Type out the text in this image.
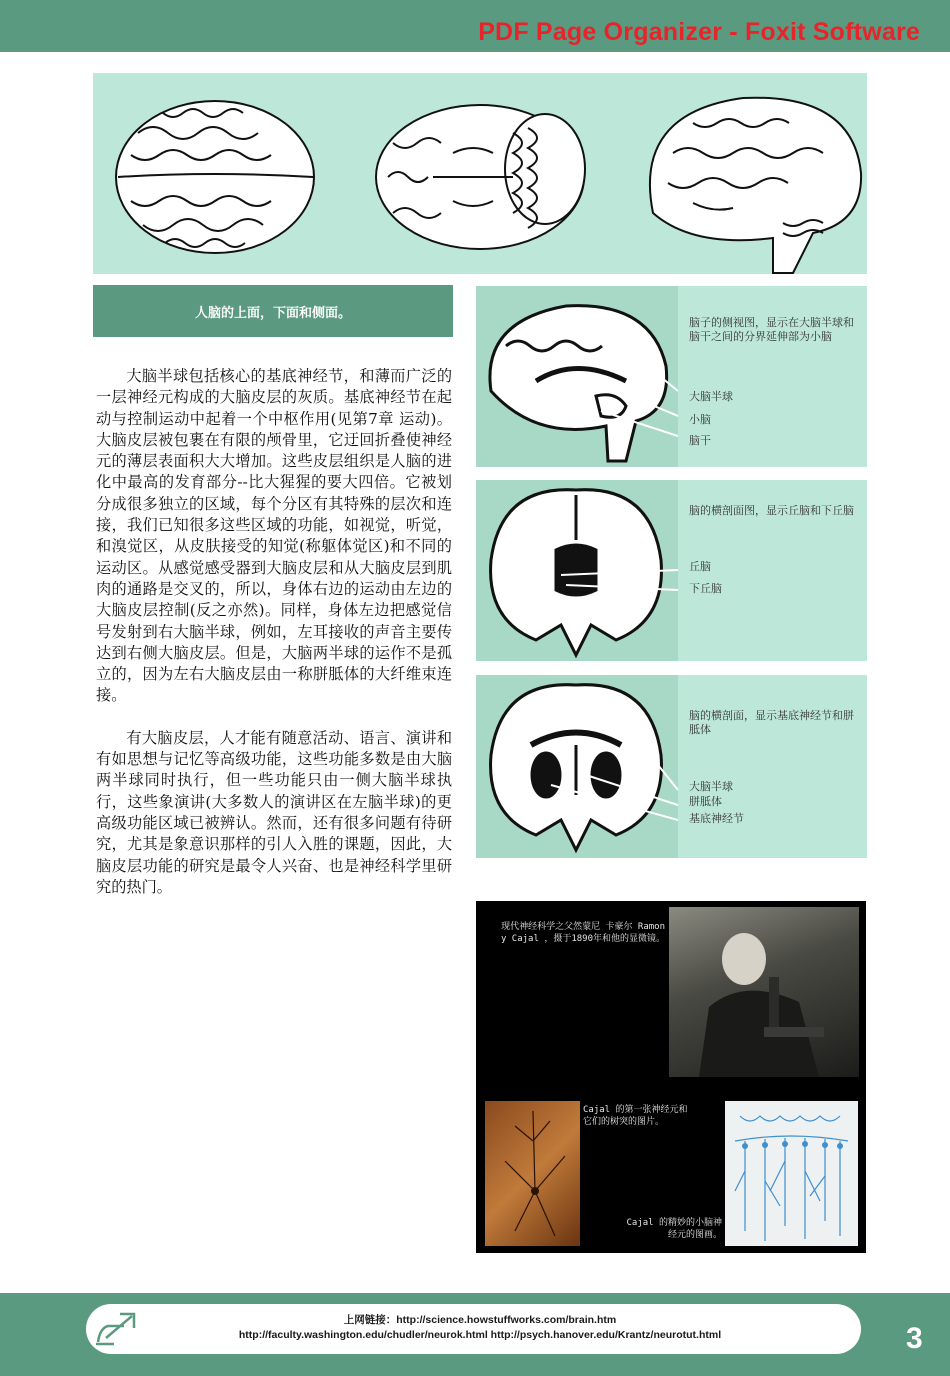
PDF Page Organizer - Foxit Software
人脑的上面，下面和侧面。

大脑半球包括核心的基底神经节，和薄而广泛的一层神经元构成的大脑皮层的灰质。基底神经节在起动与控制运动中起着一个中枢作用(见第7章 运动)。大脑皮层被包裹在有限的颅骨里，它迂回折叠使神经元的薄层表面积大大增加。这些皮层组织是人脑的进化中最高的发育部分--比大猩猩的要大四倍。它被划分成很多独立的区域，每个分区有其特殊的层次和连接，我们已知很多这些区域的功能，如视觉，听觉，和溴觉区，从皮肤接受的知觉(称躯体觉区)和不同的运动区。从感觉感受器到大脑皮层和从大脑皮层到肌肉的通路是交叉的，所以，身体右边的运动由左边的大脑皮层控制(反之亦然)。同样，身体左边把感觉信号发射到右大脑半球，例如，左耳接收的声音主要传达到右侧大脑皮层。但是，大脑两半球的运作不是孤立的，因为左右大脑皮层由一称胼胝体的大纤维束连接。

有大脑皮层，人才能有随意活动、语言、演讲和有如思想与记忆等高级功能，这些功能多数是由大脑两半球同时执行，但一些功能只由一侧大脑半球执行，这些象演讲(大多数人的演讲区在左脑半球)的更高级功能区域已被辨认。然而，还有很多问题有待研究，尤其是象意识那样的引人入胜的课题，因此，大脑皮层功能的研究是最令人兴奋、也是神经科学里研究的热门。

脑子的侧视图，显示在大脑半球和脑干之间的分界延伸部为小脑
大脑半球
小脑
脑干
脑的横剖面图，显示丘脑和下丘脑
丘脑
下丘脑
脑的横剖面，显示基底神经节和胼胝体
大脑半球
胼胝体
基底神经节
现代神经科学之父然蒙尼 卡豪尔 Ramon y Cajal ，摄于1890年和他的显微镜。
Cajal 的第一张神经元和它们的树突的图片。
Cajal 的精妙的小脑神经元的图画。
上网链接：http://science.howstuffworks.com/brain.htm
http://faculty.washington.edu/chudler/neurok.html http://psych.hanover.edu/Krantz/neurotut.html	3
